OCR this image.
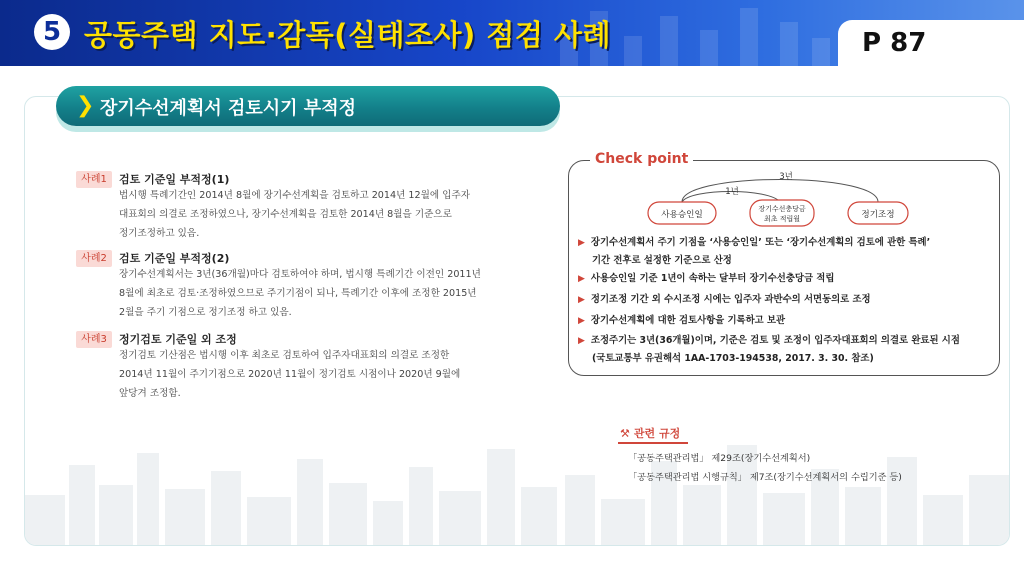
5 공동주택 지도·감독(실태조사) 점검 사례	P 87
❯ 장기수선계획서 검토시기 부적정
사례1	검토 기준일 부적정(1)
법시행 특례기간인 2014년 8월에 장기수선계획을 검토하고 2014년 12월에 입주자
대표회의 의결로 조정하였으나, 장기수선계획을 검토한 2014년 8월을 기준으로
정기조정하고 있음.
사례2	검토 기준일 부적정(2)
장기수선계획서는 3년(36개월)마다 검토하여야 하며, 법시행 특례기간 이전인 2011년
8월에 최초로 검토·조정하였으므로 주기기점이 되나, 특례기간 이후에 조정한 2015년
2월을 주기 기점으로 정기조정 하고 있음.
사례3	정기검토 기준일 외 조정
정기검토 기산점은 법시행 이후 최초로 검토하여 입주자대표회의 의결로 조정한
2014년 11월이 주기기점으로 2020년 11월이 정기검토 시점이나 2020년 9월에
앞당겨 조정함.
Check point
3년
1년
사용승인일
장기수선충당금
최초 적립월	정기조정
▶ 장기수선계획서 주기 기점을 ‘사용승인일’ 또는 ‘장기수선계획의 검토에 관한 특례’
기간 전후로 설정한 기준으로 산정
▶ 사용승인일 기준 1년이 속하는 달부터 장기수선충당금 적립
▶ 정기조정 기간 외 수시조정 시에는 입주자 과반수의 서면동의로 조정
▶ 장기수선계획에 대한 검토사항을 기록하고 보관
▶ 조정주기는 3년(36개월)이며, 기준은 검토 및 조정이 입주자대표회의 의결로 완료된 시점
(국토교통부 유권해석 1AA-1703-194538, 2017. 3. 30. 참조)
⚒ 관련 규정
「공동주택관리법」 제29조(장기수선계획서)
「공동주택관리법 시행규칙」 제7조(장기수선계획서의 수립기준 등)
